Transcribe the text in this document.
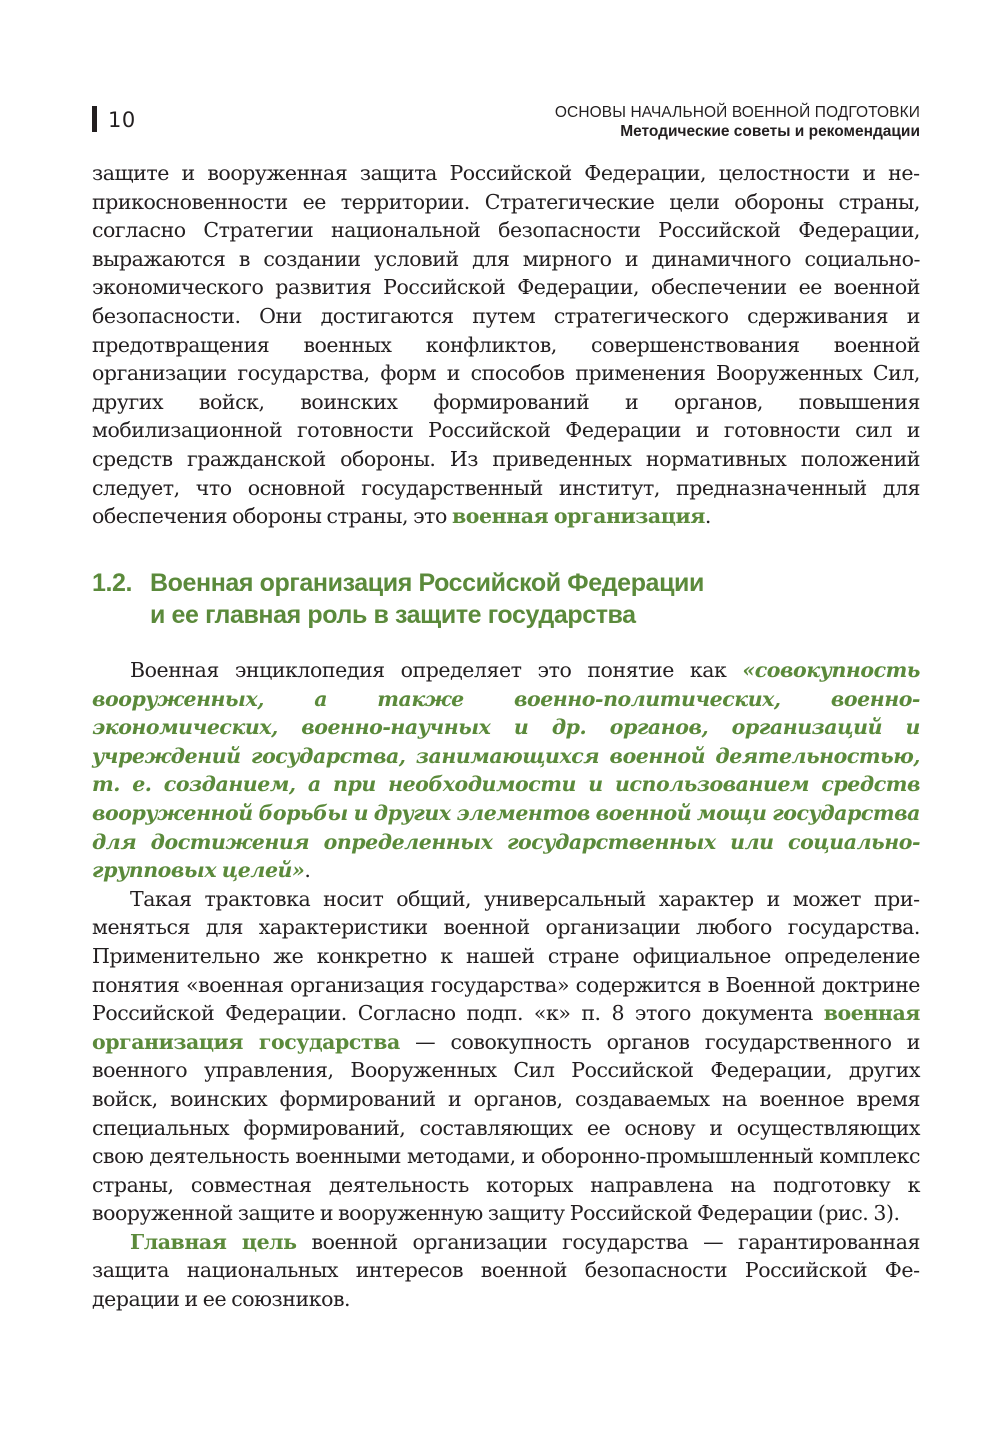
10	ОСНОВЫ НАЧАЛЬНОЙ ВОЕННОЙ ПОДГОТОВКИ
Методические советы и рекомендации

защите и вооруженная защита Российской Федерации, целостности и неприкосновенности ее территории. Стратегические цели обороны страны, согласно Стратегии национальной безопасности Российской Федерации, выражаются в создании условий для мирного и динамичного социально-экономического развития Российской Федерации, обеспечении ее военной безопасности. Они достигаются путем стратегического сдерживания и предотвращения военных конфликтов, совершенствования военной организации государства, форм и способов применения Вооруженных Сил, других войск, воинских формирований и органов, повышения мобилизационной готовности Российской Федерации и готовности сил и средств гражданской обороны. Из приведенных нормативных положений следует, что основной государственный институт, предназначенный для обеспечения обороны страны, это военная организация.

1.2. Военная организация Российской Федерации
и ее главная роль в защите государства

Военная энциклопедия определяет это понятие как «совокупность вооруженных, а также военно-политических, военно-экономических, военно-научных и др. органов, организаций и учреждений государства, занимающихся военной деятельностью, т. е. созданием, а при необходимости и использованием средств вооруженной борьбы и других элементов военной мощи государства для достижения определенных государственных или социально-групповых целей».

Такая трактовка носит общий, универсальный характер и может применяться для характеристики военной организации любого государства. Применительно же конкретно к нашей стране официальное определение понятия «военная организация государства» содержится в Военной доктрине Российской Федерации. Согласно подп. «к» п. 8 этого документа военная организация государства — совокупность органов государственного и военного управления, Вооруженных Сил Российской Федерации, других войск, воинских формирований и органов, создаваемых на военное время специальных формирований, составляющих ее основу и осуществляющих свою деятельность военными методами, и оборонно-промышленный комплекс страны, совместная деятельность которых направлена на подготовку к вооруженной защите и вооруженную защиту Российской Федерации (рис. 3).

Главная цель военной организации государства — гарантированная защита национальных интересов военной безопасности Российской Федерации и ее союзников.
